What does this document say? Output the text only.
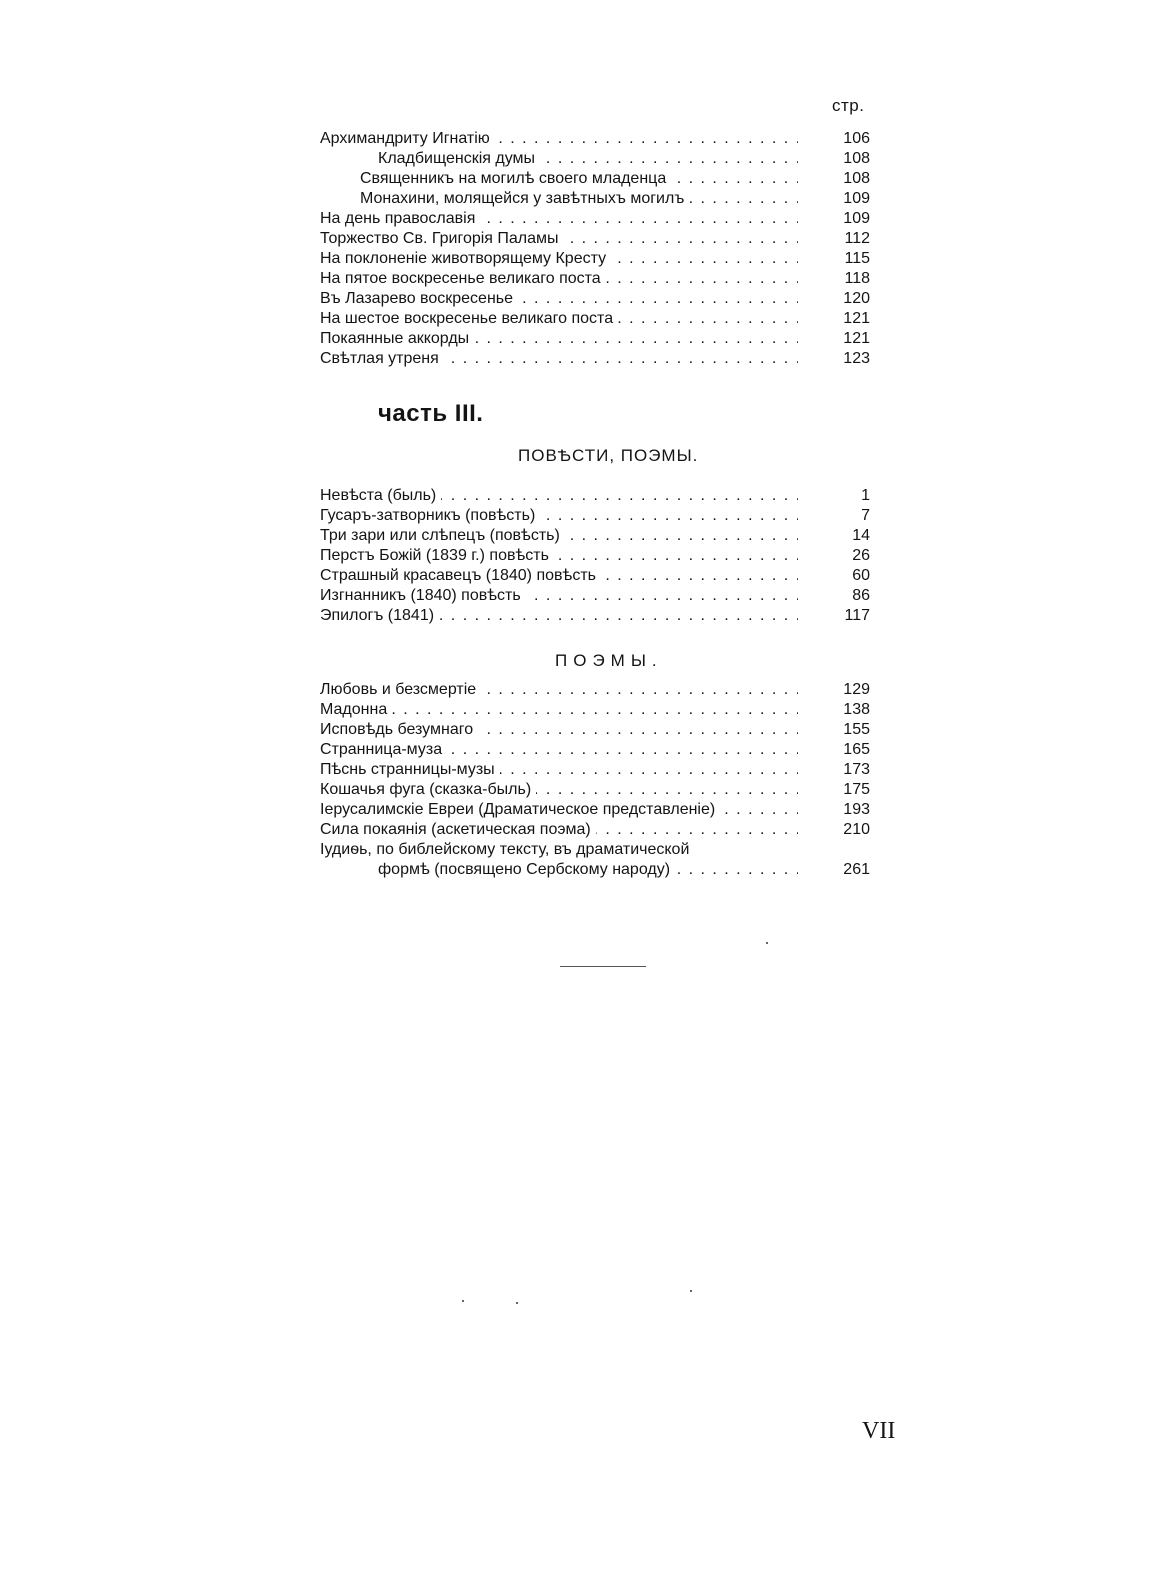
стр.
Архимандриту Игнатію . . .	106
Кладбищенскія думы . . .	108
Священникъ на могилѣ своего младенца . . .	108
Монахини, молящейся у завѣтныхъ могилъ . . .	109
На день православія . . .	109
Торжество Св. Григорія Паламы . . .	112
На поклоненіе животворящему Кресту . . .	115
На пятое воскресенье великаго поста . . .	118
Въ Лазарево воскресенье . . .	120
На шестое воскресенье великаго поста . . .	121
Покаянные аккорды . . .	121
Свѣтлая утреня . . .	123
часть III.
ПОВѢСТИ, ПОЭМЫ.
Невѣста (быль) . . .	1
Гусаръ-затворникъ (повѣсть) . . .	7
Три зари или слѣпецъ (повѣсть) . . .	14
Перстъ Божій (1839 г.) повѣсть . . .	26
Страшный красавецъ (1840) повѣсть . . .	60
Изгнанникъ (1840) повѣсть . . .	86
Эпилогъ (1841) . . .	117
ПОЭМЫ.
Любовь и безсмертіе . . .	129
Мадонна . . .	138
Исповѣдь безумнаго . . .	155
Странница-муза . . .	165
Пѣснь странницы-музы . . .	173
Кошачья фуга (сказка-быль) . . .	175
Іерусалимскіе Евреи (Драматическое представленіе) . . .	193
Сила покаянія (аскетическая поэма) . . .	210
Іудиѳь, по библейскому тексту, въ драматической
формѣ (посвящено Сербскому народу) . . .	261
VII
